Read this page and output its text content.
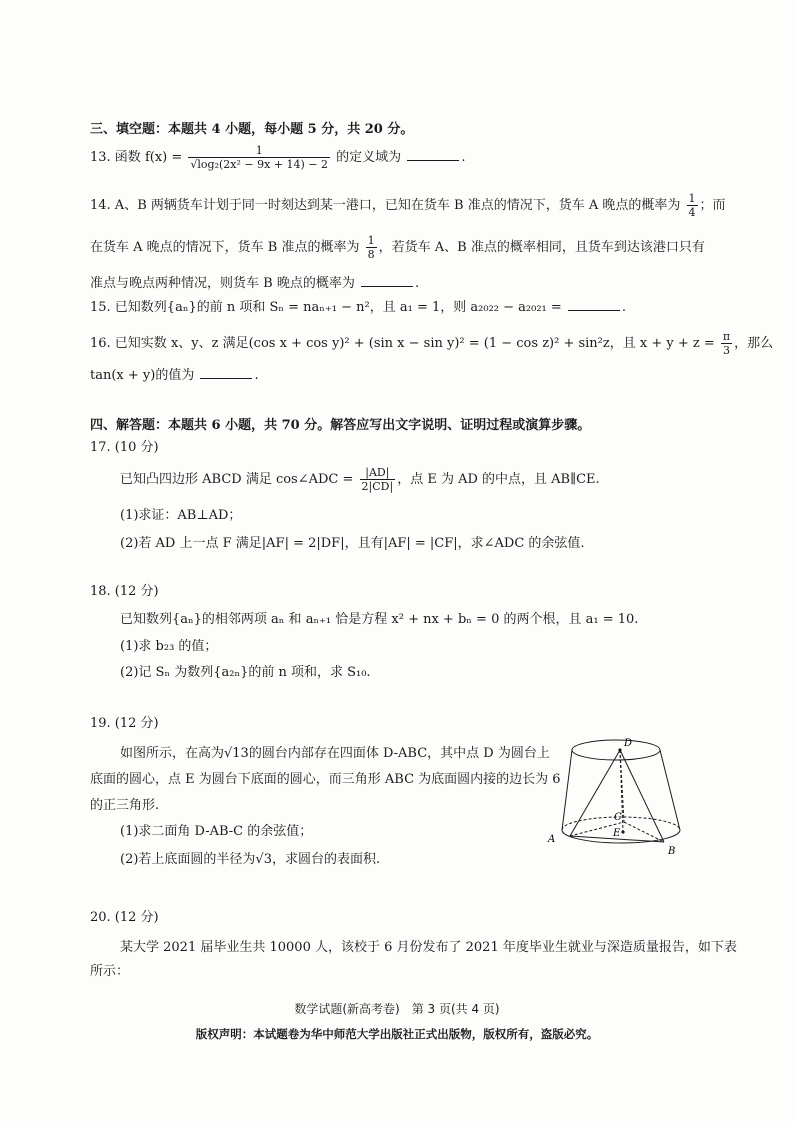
三、填空题：本题共 4 小题，每小题 5 分，共 20 分。
13. 函数 $f(x) = \frac{1}{\text{√log₂(2x² − 9x + 14) − 2}}$ 的定义域为	.
14. A、B 两辆货车计划于同一时刻达到某一港口，已知在货车 B 准点的情况下，货车 A 晚点的概率为 $\frac{1}{4}$ ；而
在货车 A 晚点的情况下，货车 B 准点的概率为 $\frac{1}{8}$ ，若货车 A、B 准点的概率相同，且货车到达该港口只有
准点与晚点两种情况，则货车 B 晚点的概率为	.
15. 已知数列{aₙ}的前 n 项和 Sₙ = naₙ₊₁ − n²，且 a₁ = 1，则 a₂₀₂₂ − a₂₀₂₁ =	.
16. 已知实数 x、y、z 满足(cos x + cos y)² + (sin x − sin y)² = (1 − cos z)² + sin²z，且 $x + y + z = \frac{\pi}{3}$ ，那么
tan(x + y)的值为	.
四、解答题：本题共 6 小题，共 70 分。解答应写出文字说明、证明过程或演算步骤。
17. (10 分)
已知凸四边形 ABCD 满足 cos∠ADC = $\frac{|AD|}{2|CD|}$ ，点 E 为 AD 的中点，且 AB∥CE.
(1)求证：AB⊥AD；
(2)若 AD 上一点 F 满足|AF| = 2|DF|，且有|AF| = |CF|，求∠ADC 的余弦值.
18. (12 分)
已知数列{aₙ}的相邻两项 aₙ 和 aₙ₊₁ 恰是方程 x² + nx + bₙ = 0 的两个根，且 a₁ = 10.
(1)求 b₂₃ 的值；
(2)记 Sₙ 为数列{a₂ₙ}的前 n 项和，求 S₁₀.
19. (12 分)
如图所示，在高为√13的圆台内部存在四面体 D-ABC，其中点 D 为圆台上
底面的圆心，点 E 为圆台下底面的圆心，而三角形 ABC 为底面圆内接的边长为 6
的正三角形.
(1)求二面角 D-AB-C 的余弦值；
(2)若上底面圆的半径为√3，求圆台的表面积.
D
C
E
A
B
20. (12 分)
某大学 2021 届毕业生共 10000 人，该校于 6 月份发布了 2021 年度毕业生就业与深造质量报告，如下表
所示：
数学试题(新高考卷)　第 3 页(共 4 页)
版权声明：本试题卷为华中师范大学出版社正式出版物，版权所有，盗版必究。
